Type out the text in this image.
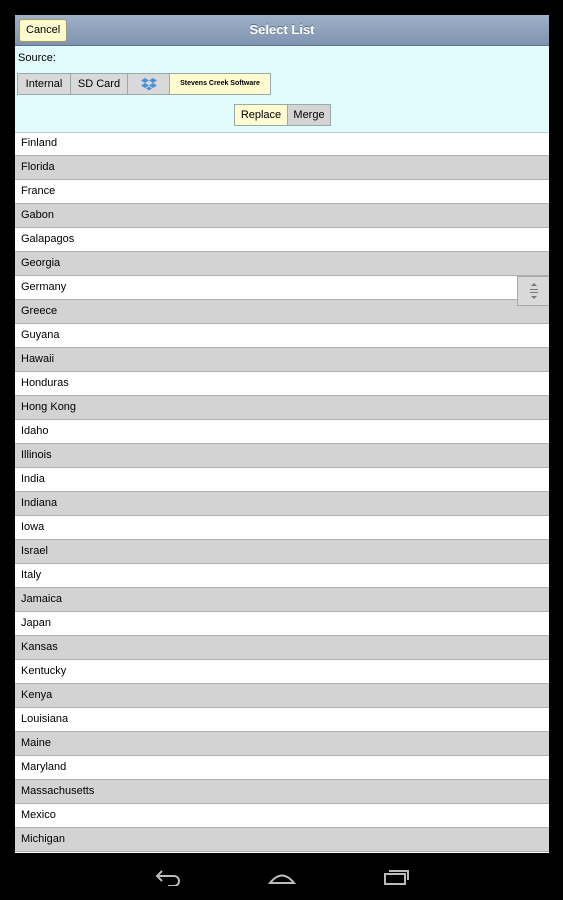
Cancel	Select List
Source:
Internal	SD Card	Stevens Creek Software
Replace	Merge
Finland
Florida
France
Gabon
Galapagos
Georgia
Germany
Greece
Guyana
Hawaii
Honduras
Hong Kong
Idaho
Illinois
India
Indiana
Iowa
Israel
Italy
Jamaica
Japan
Kansas
Kentucky
Kenya
Louisiana
Maine
Maryland
Massachusetts
Mexico
Michigan
